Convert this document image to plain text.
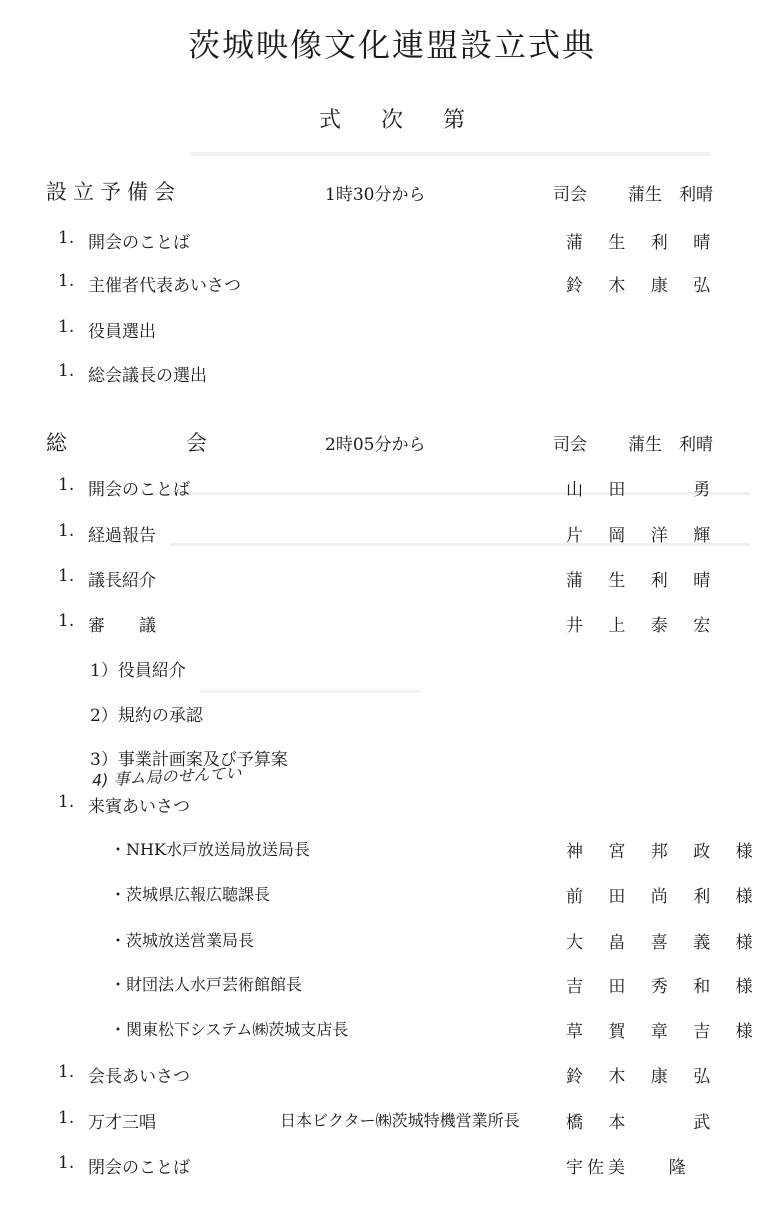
茨城映像文化連盟設立式典
式次第
設立予備会	1時30分から	司会 蒲生　利晴
1. 開会のことば	蒲 生 利 晴
1. 主催者代表あいさつ	鈴 木 康 弘
1. 役員選出
1. 総会議長の選出
総	会	2時05分から	司会 蒲生　利晴
1. 開会のことば	山 田 　 勇
1. 経過報告	片 岡 洋 輝
1. 議長紹介	蒲 生 利 晴
1. 審　　議	井 上 泰 宏
1）役員紹介
2）規約の承認
3）事業計画案及び予算案
4) 事ム局のせんてい
1. 来賓あいさつ
・NHK水戸放送局放送局長	神 宮 邦 政 様
・茨城県広報広聴課長	前 田 尚 利 様
・茨城放送営業局長	大 畠 喜 義 様
・財団法人水戸芸術館館長	吉 田 秀 和 様
・関東松下システム㈱茨城支店長	草 賀 章 吉 様
1. 会長あいさつ	鈴 木 康 弘
1. 万才三唱	日本ビクター㈱茨城特機営業所長	橋 本 　 武
1. 閉会のことば	宇佐美 　 隆
